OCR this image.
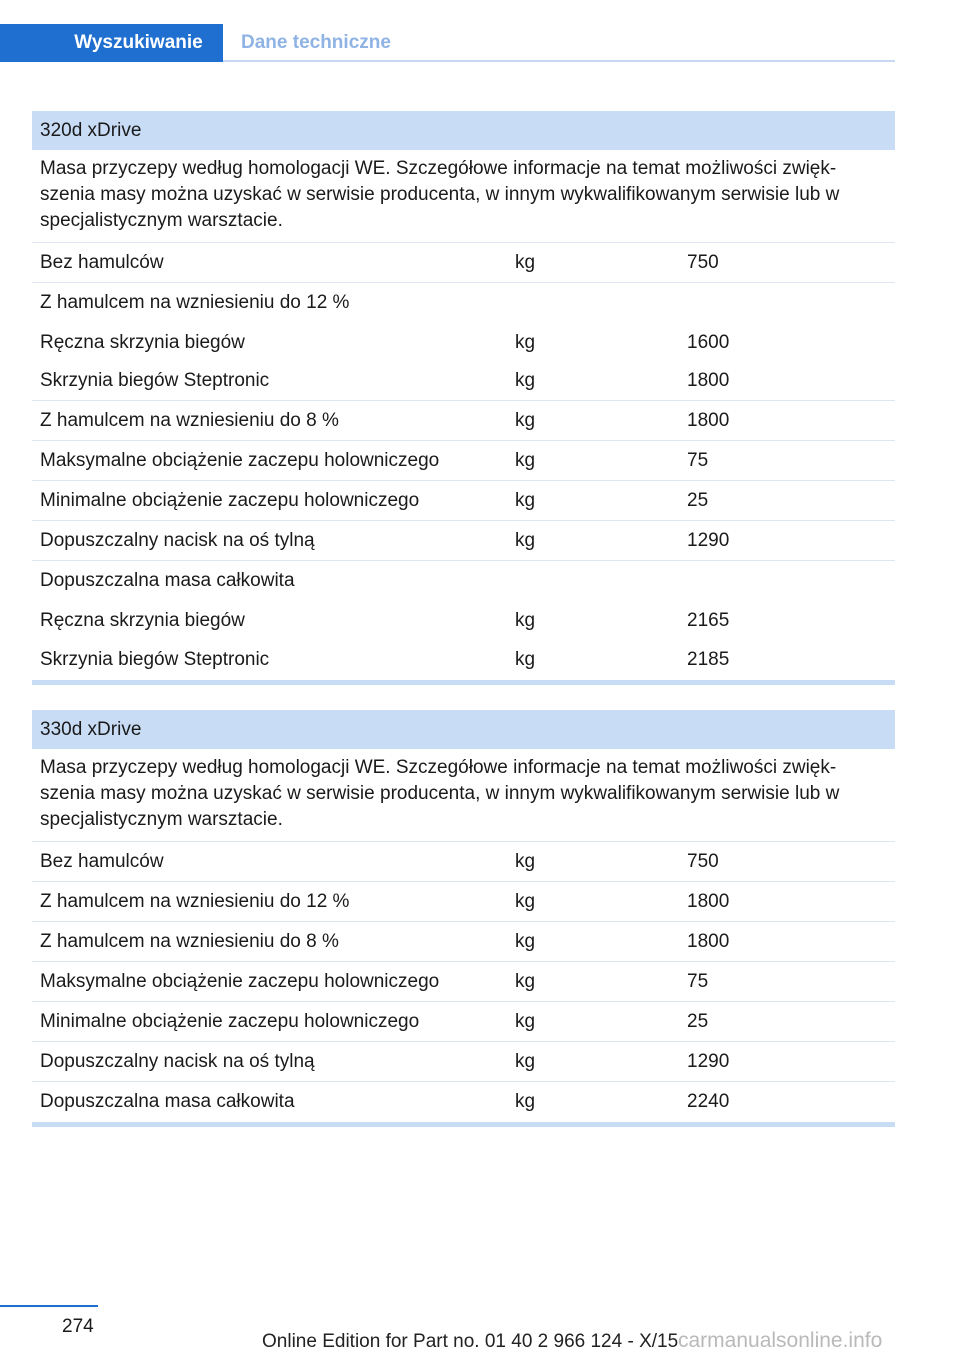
Wyszukiwanie	Dane techniczne
320d xDrive
Masa przyczepy według homologacji WE. Szczegółowe informacje na temat możliwości zwięk-szenia masy można uzyskać w serwisie producenta, w innym wykwalifikowanym serwisie lub w specjalistycznym warsztacie.
Bez hamulców	kg	750
Z hamulcem na wzniesieniu do 12 %
Ręczna skrzynia biegów	kg	1600
Skrzynia biegów Steptronic	kg	1800
Z hamulcem na wzniesieniu do 8 %	kg	1800
Maksymalne obciążenie zaczepu holowniczego	kg	75
Minimalne obciążenie zaczepu holowniczego	kg	25
Dopuszczalny nacisk na oś tylną	kg	1290
Dopuszczalna masa całkowita
Ręczna skrzynia biegów	kg	2165
Skrzynia biegów Steptronic	kg	2185
330d xDrive
Masa przyczepy według homologacji WE. Szczegółowe informacje na temat możliwości zwięk-szenia masy można uzyskać w serwisie producenta, w innym wykwalifikowanym serwisie lub w specjalistycznym warsztacie.
Bez hamulców	kg	750
Z hamulcem na wzniesieniu do 12 %	kg	1800
Z hamulcem na wzniesieniu do 8 %	kg	1800
Maksymalne obciążenie zaczepu holowniczego	kg	75
Minimalne obciążenie zaczepu holowniczego	kg	25
Dopuszczalny nacisk na oś tylną	kg	1290
Dopuszczalna masa całkowita	kg	2240
274
Online Edition for Part no. 01 40 2 966 124 - X/15 carmanualsonline.info
